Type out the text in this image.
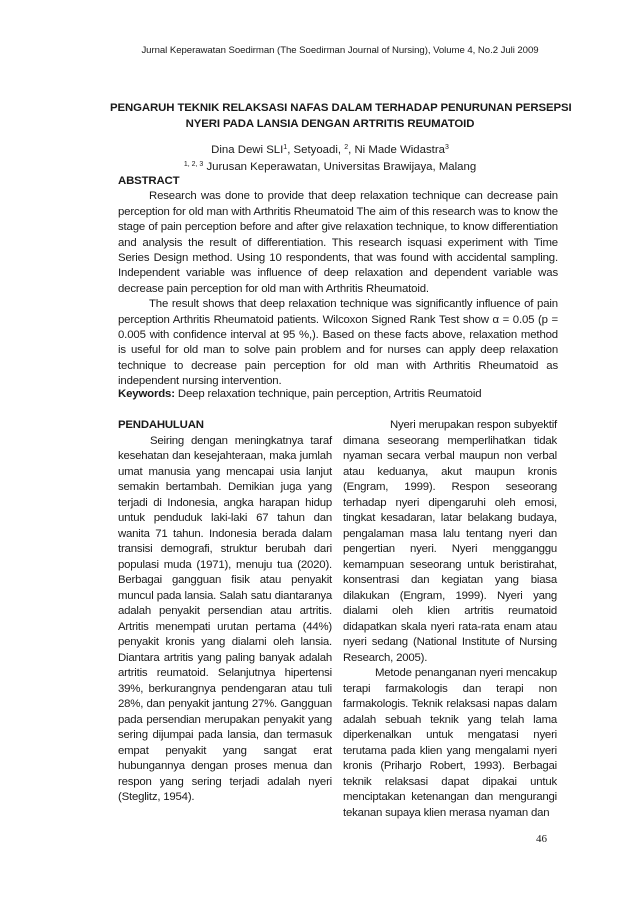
Jurnal Keperawatan Soedirman (The Soedirman Journal of Nursing), Volume 4, No.2 Juli 2009
PENGARUH TEKNIK RELAKSASI NAFAS DALAM TERHADAP PENURUNAN PERSEPSI
NYERI PADA LANSIA DENGAN ARTRITIS REUMATOID
Dina Dewi SLI$^1$, Setyoadi, $^2$, Ni Made Widastra$^3$
$^{1, 2, 3}$ Jurusan Keperawatan, Universitas Brawijaya, Malang
ABSTRACT

Research was done to provide that deep relaxation technique can decrease pain perception for old man with Arthritis Rheumatoid The aim of this research was to know the stage of pain perception before and after give relaxation technique, to know differentiation and analysis the result of differentiation. This research isquasi experiment with Time Series Design method. Using 10 respondents, that was found with accidental sampling. Independent variable was influence of deep relaxation and dependent variable was decrease pain perception for old man with Arthritis Rheumatoid.

The result shows that deep relaxation technique was significantly influence of pain perception Arthritis Rheumatoid patients. Wilcoxon Signed Rank Test show α = 0.05 (p = 0.005 with confidence interval at 95 %,). Based on these facts above, relaxation method is useful for old man to solve pain problem and for nurses can apply deep relaxation technique to decrease pain perception for old man with Arthritis Rheumatoid as independent nursing intervention.

Keywords: Deep relaxation technique, pain perception, Artritis Reumatoid
PENDAHULUAN

Seiring dengan meningkatnya taraf kesehatan dan kesejahteraan, maka jumlah umat manusia yang mencapai usia lanjut semakin bertambah. Demikian juga yang terjadi di Indonesia, angka harapan hidup untuk penduduk laki-laki 67 tahun dan wanita 71 tahun. Indonesia berada dalam transisi demografi, struktur berubah dari populasi muda (1971), menuju tua (2020). Berbagai gangguan fisik atau penyakit muncul pada lansia. Salah satu diantaranya adalah penyakit persendian atau artritis. Artritis menempati urutan pertama (44%) penyakit kronis yang dialami oleh lansia. Diantara artritis yang paling banyak adalah artritis reumatoid. Selanjutnya hipertensi 39%, berkurangnya pendengaran atau tuli 28%, dan penyakit jantung 27%. Gangguan pada persendian merupakan penyakit yang sering dijumpai pada lansia, dan termasuk empat penyakit yang sangat erat hubungannya dengan proses menua dan respon yang sering terjadi adalah nyeri (Steglitz, 1954).

Nyeri merupakan respon subyektif dimana seseorang memperlihatkan tidak nyaman secara verbal maupun non verbal atau keduanya, akut maupun kronis (Engram, 1999). Respon seseorang terhadap nyeri dipengaruhi oleh emosi, tingkat kesadaran, latar belakang budaya, pengalaman masa lalu tentang nyeri dan pengertian nyeri. Nyeri mengganggu kemampuan seseorang untuk beristirahat, konsentrasi dan kegiatan yang biasa dilakukan (Engram, 1999). Nyeri yang dialami oleh klien artritis reumatoid didapatkan skala nyeri rata-rata enam atau nyeri sedang (National Institute of Nursing Research, 2005).

Metode penanganan nyeri mencakup terapi farmakologis dan terapi non farmakologis. Teknik relaksasi napas dalam adalah sebuah teknik yang telah lama diperkenalkan untuk mengatasi nyeri terutama pada klien yang mengalami nyeri kronis (Priharjo Robert, 1993). Berbagai teknik relaksasi dapat dipakai untuk menciptakan ketenangan dan mengurangi tekanan supaya klien merasa nyaman dan

46
